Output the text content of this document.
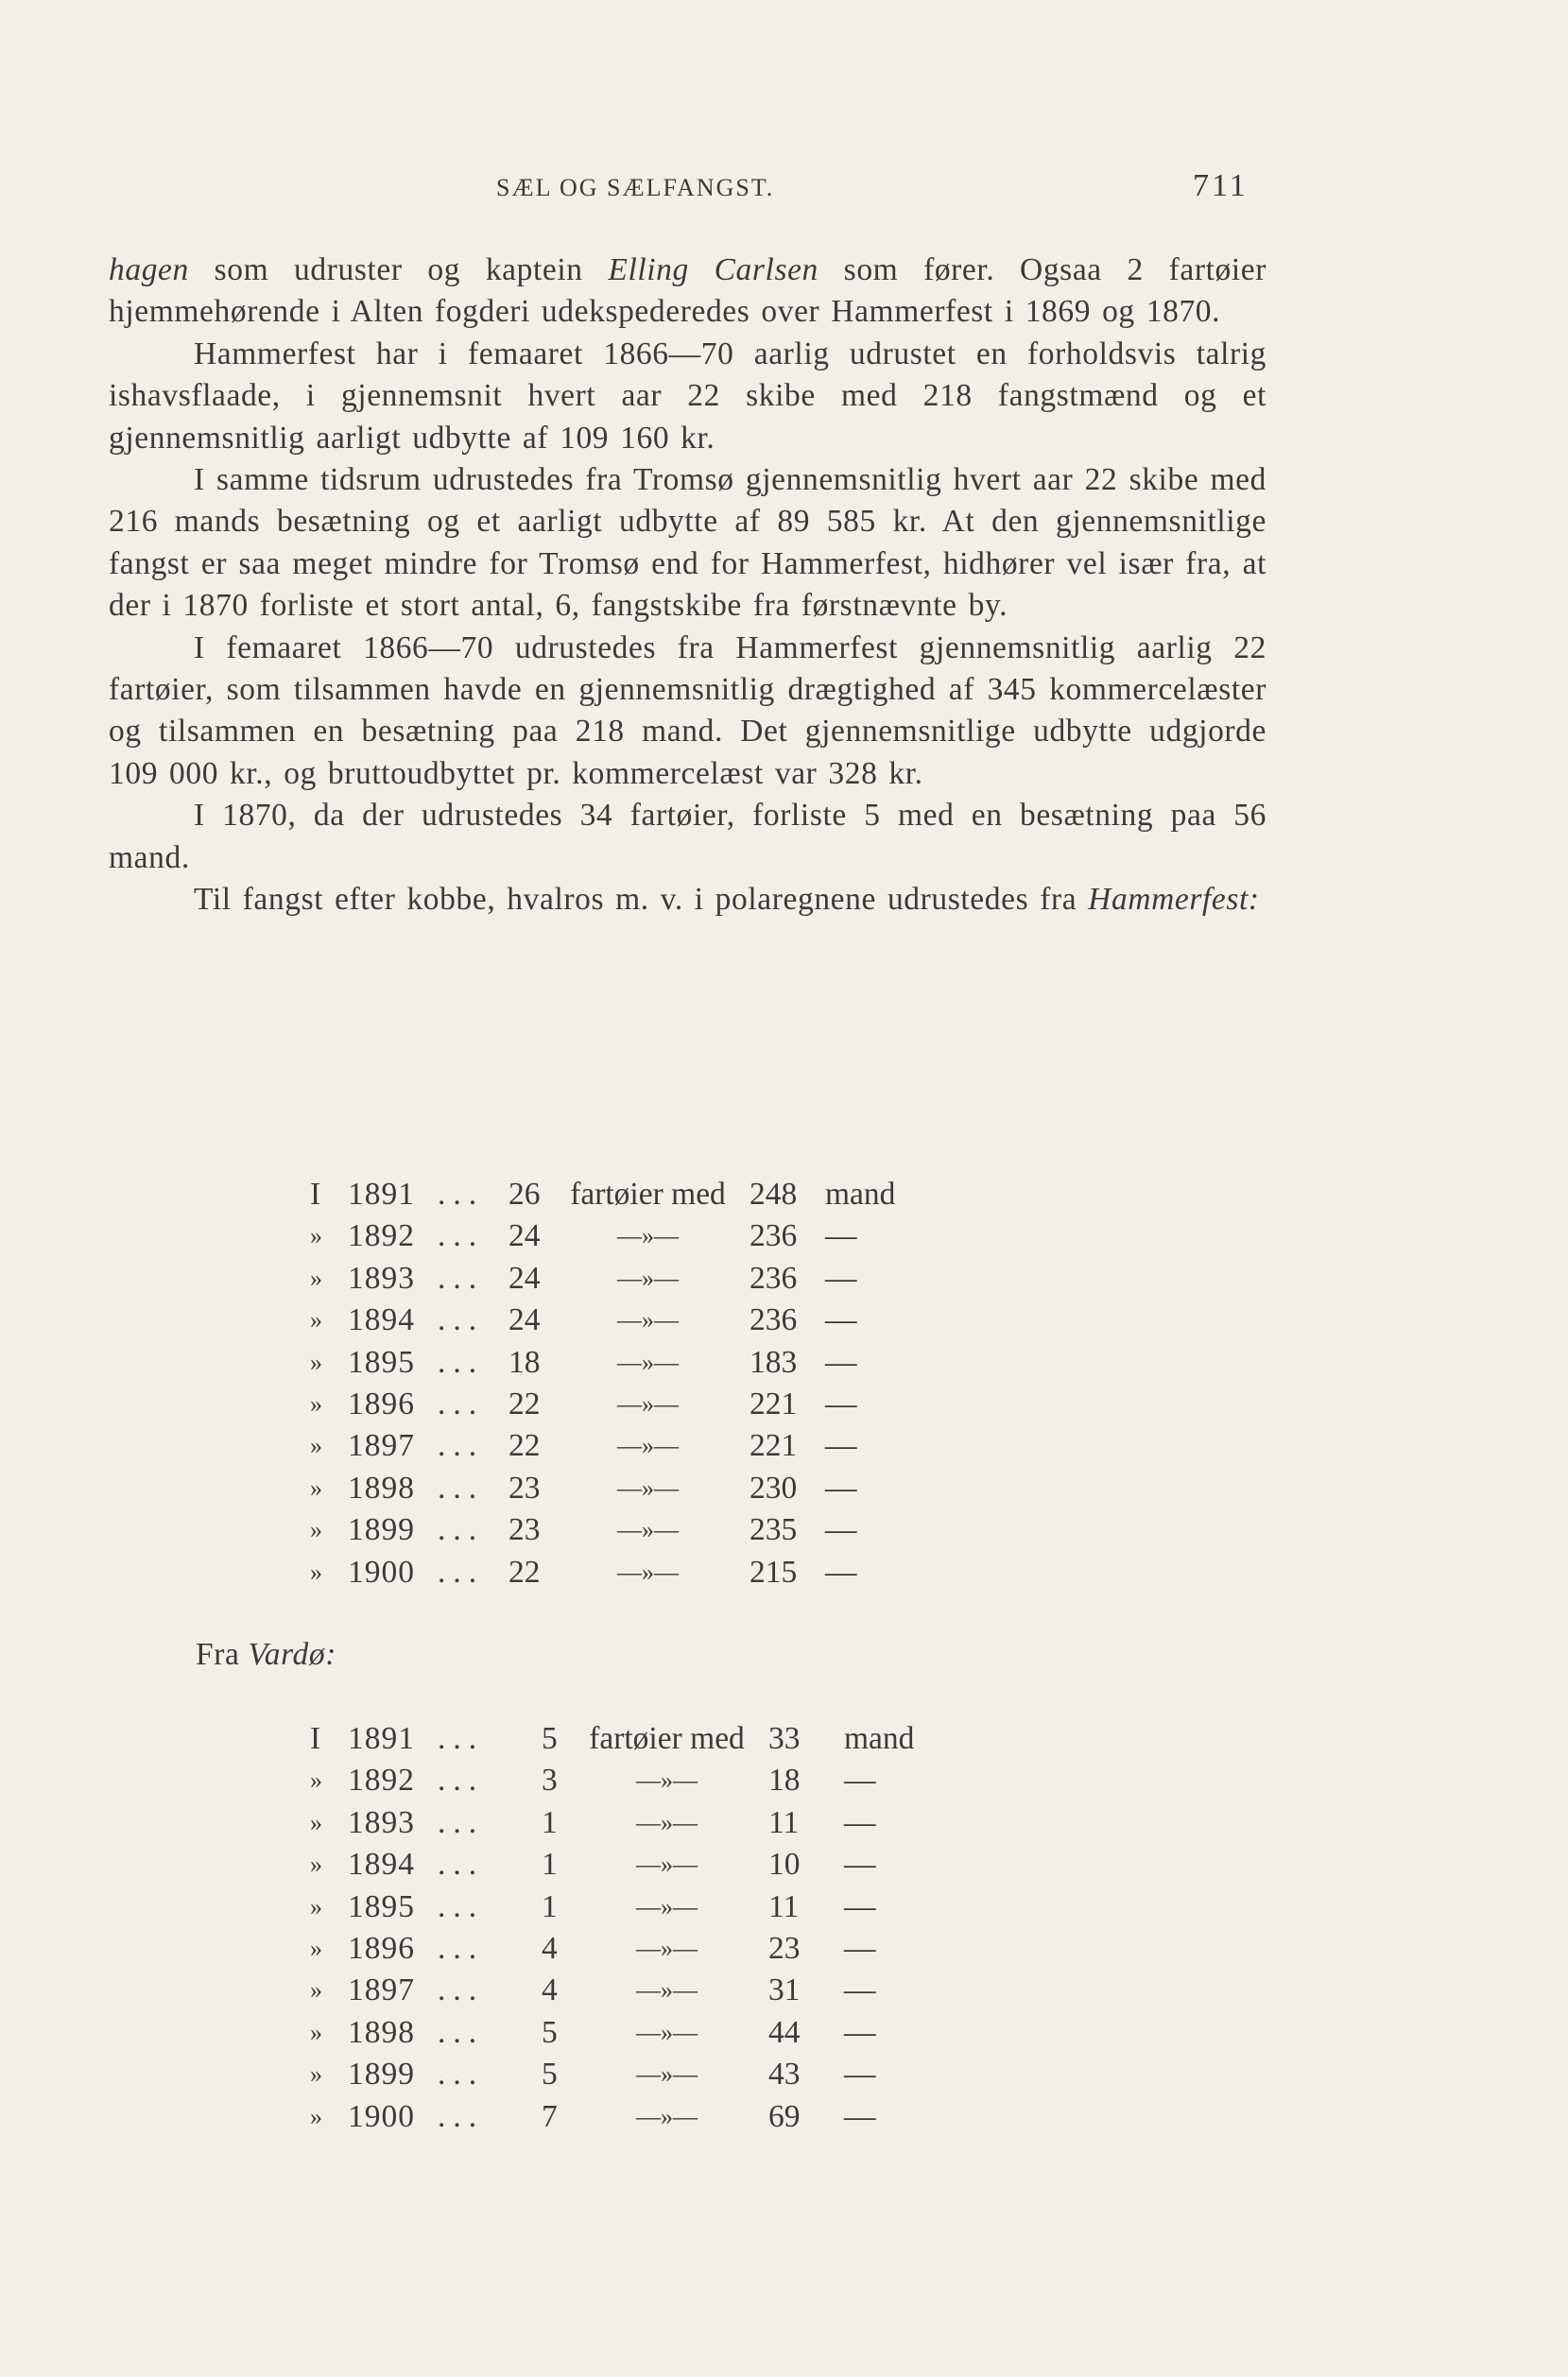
SÆL OG SÆLFANGST.	711

hagen som udruster og kaptein Elling Carlsen som fører. Ogsaa 2 fartøier hjemmehørende i Alten fogderi udekspederedes over Hammerfest i 1869 og 1870.

Hammerfest har i femaaret 1866—70 aarlig udrustet en forholdsvis talrig ishavsflaade, i gjennemsnit hvert aar 22 skibe med 218 fangstmænd og et gjennemsnitlig aarligt udbytte af 109 160 kr.

I samme tidsrum udrustedes fra Tromsø gjennemsnitlig hvert aar 22 skibe med 216 mands besætning og et aarligt udbytte af 89 585 kr. At den gjennemsnitlige fangst er saa meget mindre for Tromsø end for Hammerfest, hidhører vel især fra, at der i 1870 forliste et stort antal, 6, fangstskibe fra førstnævnte by.

I femaaret 1866—70 udrustedes fra Hammerfest gjennemsnitlig aarlig 22 fartøier, som tilsammen havde en gjennemsnitlig drægtighed af 345 kommercelæster og tilsammen en besætning paa 218 mand. Det gjennemsnitlige udbytte udgjorde 109 000 kr., og bruttoudbyttet pr. kommercelæst var 328 kr.

I 1870, da der udrustedes 34 fartøier, forliste 5 med en besætning paa 56 mand.

Til fangst efter kobbe, hvalros m. v. i polaregnene udrustedes fra Hammerfest:

I	1891	...	26	fartøier med	248	mand
»	1892	...	24	—»—	236	—
»	1893	...	24	—»—	236	—
»	1894	...	24	—»—	236	—
»	1895	...	18	—»—	183	—
»	1896	...	22	—»—	221	—
»	1897	...	22	—»—	221	—
»	1898	...	23	—»—	230	—
»	1899	...	23	—»—	235	—
»	1900	...	22	—»—	215	—
Fra Vardø:
I	1891	...	5	fartøier med	33	mand
»	1892	...	3	—»—	18	—
»	1893	...	1	—»—	11	—
»	1894	...	1	—»—	10	—
»	1895	...	1	—»—	11	—
»	1896	...	4	—»—	23	—
»	1897	...	4	—»—	31	—
»	1898	...	5	—»—	44	—
»	1899	...	5	—»—	43	—
»	1900	...	7	—»—	69	—
